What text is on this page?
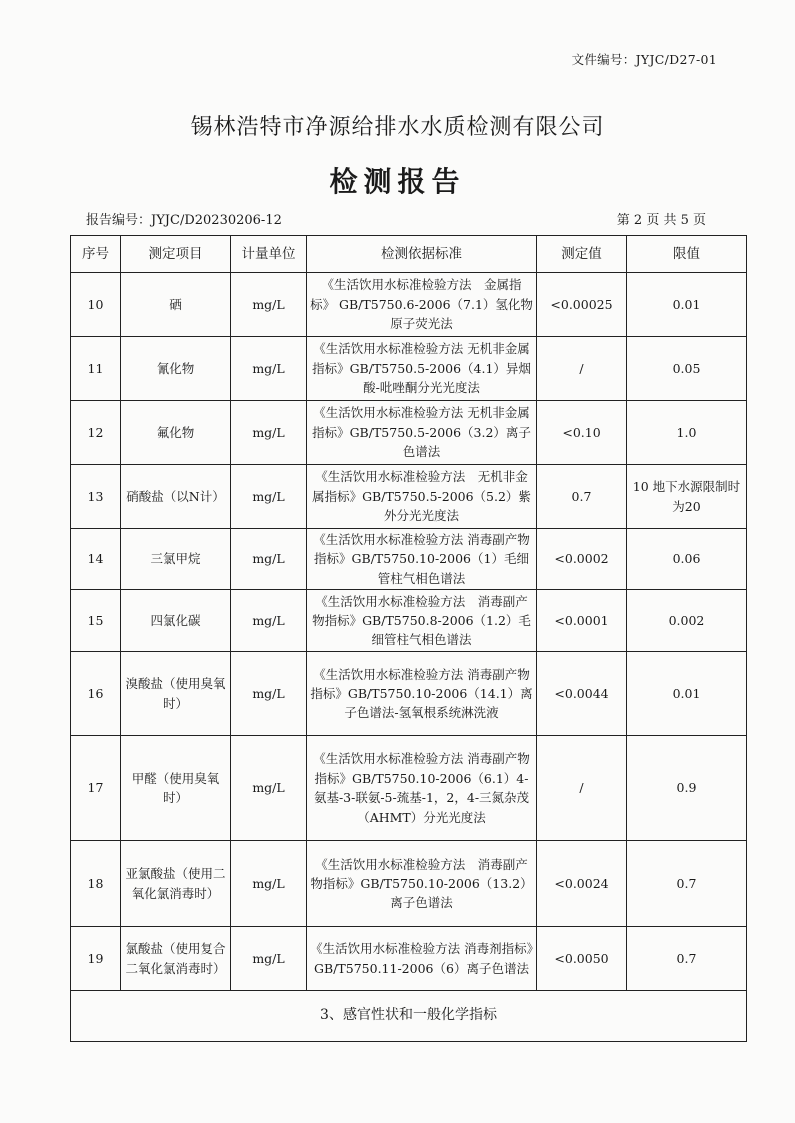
文件编号：JYJC/D27-01
锡林浩特市净源给排水水质检测有限公司
检测报告
报告编号：JYJC/D20230206-12	第 2 页 共 5 页
序号	测定项目	计量单位	检测依据标准	测定值	限值
10	硒	mg/L	《生活饮用水标准检验方法　金属指标》 GB/T5750.6-2006（7.1）氢化物原子荧光法	<0.00025	0.01
11	氰化物	mg/L	《生活饮用水标准检验方法 无机非金属指标》GB/T5750.5-2006（4.1）异烟酸-吡唑酮分光光度法	/	0.05
12	氟化物	mg/L	《生活饮用水标准检验方法 无机非金属指标》GB/T5750.5-2006（3.2）离子色谱法	<0.10	1.0
13	硝酸盐（以N计）	mg/L	《生活饮用水标准检验方法　无机非金属指标》GB/T5750.5-2006（5.2）紫外分光光度法	0.7	10 地下水源限制时为20
14	三氯甲烷	mg/L	《生活饮用水标准检验方法 消毒副产物指标》GB/T5750.10-2006（1）毛细管柱气相色谱法	<0.0002	0.06
15	四氯化碳	mg/L	《生活饮用水标准检验方法　消毒副产物指标》GB/T5750.8-2006（1.2）毛细管柱气相色谱法	<0.0001	0.002
16	溴酸盐（使用臭氧时）	mg/L	《生活饮用水标准检验方法 消毒副产物指标》GB/T5750.10-2006（14.1）离子色谱法-氢氧根系统淋洗液	<0.0044	0.01
17	甲醛（使用臭氧时）	mg/L	《生活饮用水标准检验方法 消毒副产物指标》GB/T5750.10-2006（6.1）4-氨基-3-联氨-5-巯基-1，2，4-三氮杂茂（AHMT）分光光度法	/	0.9
18	亚氯酸盐（使用二氧化氯消毒时）	mg/L	《生活饮用水标准检验方法　消毒副产物指标》GB/T5750.10-2006（13.2）离子色谱法	<0.0024	0.7
19	氯酸盐（使用复合二氧化氯消毒时）	mg/L	《生活饮用水标准检验方法 消毒剂指标》GB/T5750.11-2006（6）离子色谱法	<0.0050	0.7
3、感官性状和一般化学指标					
